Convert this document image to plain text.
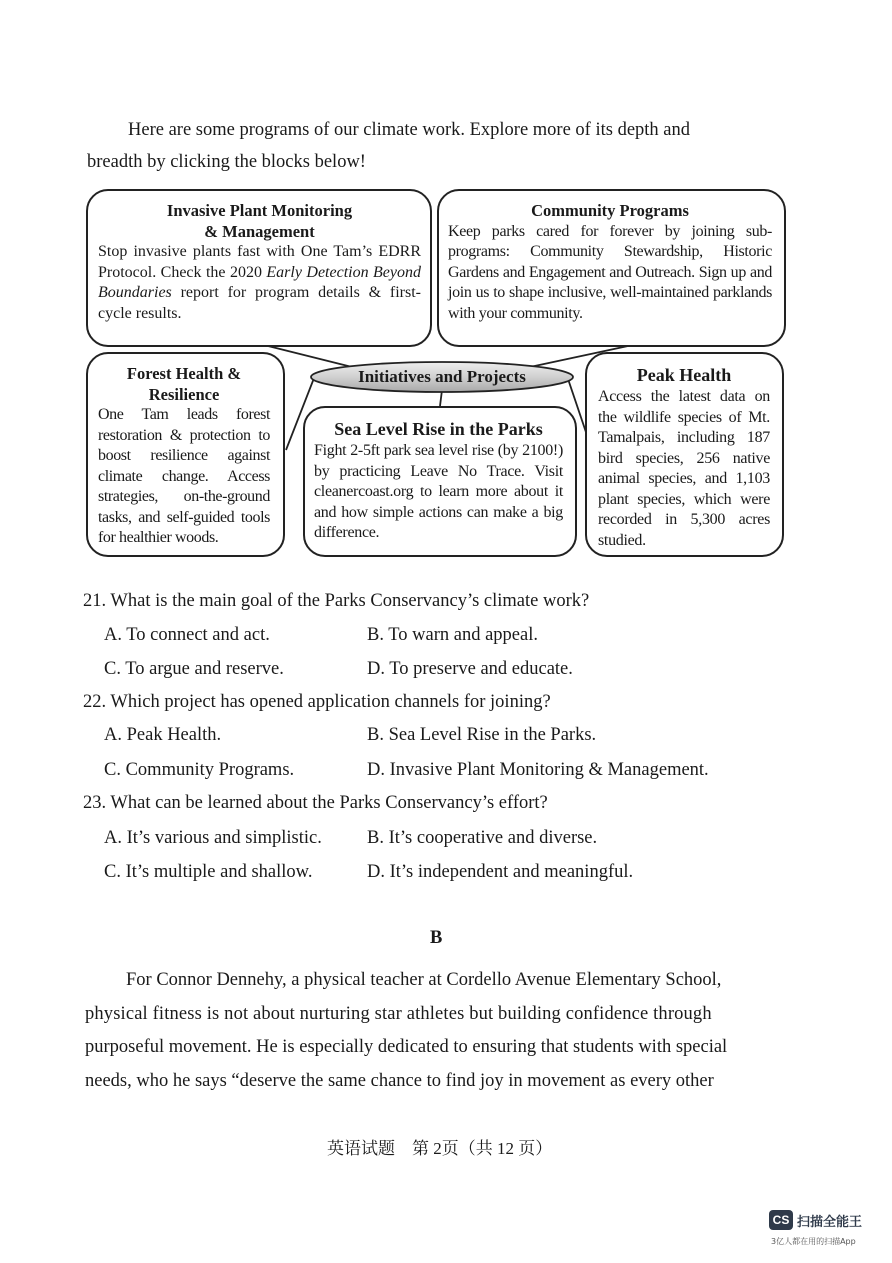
Here are some programs of our climate work. Explore more of its depth and
breadth by clicking the blocks below!
Initiatives and Projects
Invasive Plant Monitoring
& Management
Stop invasive plants fast with One Tam’s EDRR Protocol. Check the 2020 Early Detection Beyond Boundaries report for program details & first-cycle results.
Community Programs
Keep parks cared for forever by joining sub-programs: Community Stewardship, Historic Gardens and Engagement and Outreach. Sign up and join us to shape inclusive, well-maintained parklands with your community.
Forest Health &
Resilience
One Tam leads forest restoration & protection to boost resilience against climate change. Access strategies, on-the-ground tasks, and self-guided tools for healthier woods.
Sea Level Rise in the Parks
Fight 2-5ft park sea level rise (by 2100!) by practicing Leave No Trace. Visit cleanercoast.org to learn more about it and how simple actions can make a big difference.
Peak Health
Access the latest data on the wildlife species of Mt. Tamalpais, including 187 bird species, 256 native animal species, and 1,103 plant species, which were recorded in 5,300 acres studied.
21. What is the main goal of the Parks Conservancy’s climate work?
A. To connect and act.	B. To warn and appeal.
C. To argue and reserve.	D. To preserve and educate.
22. Which project has opened application channels for joining?
A. Peak Health.	B. Sea Level Rise in the Parks.
C. Community Programs.	D. Invasive Plant Monitoring & Management.
23. What can be learned about the Parks Conservancy’s effort?
A. It’s various and simplistic. B. It’s cooperative and diverse.
C. It’s multiple and shallow.	D. It’s independent and meaningful.
B
For Connor Dennehy, a physical teacher at Cordello Avenue Elementary School,
physical fitness is not about nurturing star athletes but building confidence through
purposeful movement. He is especially dedicated to ensuring that students with special
needs, who he says “deserve the same chance to find joy in movement as every other
英语试题　第 2页（共 12 页）
CS 扫描全能王
3亿人都在用的扫描App
